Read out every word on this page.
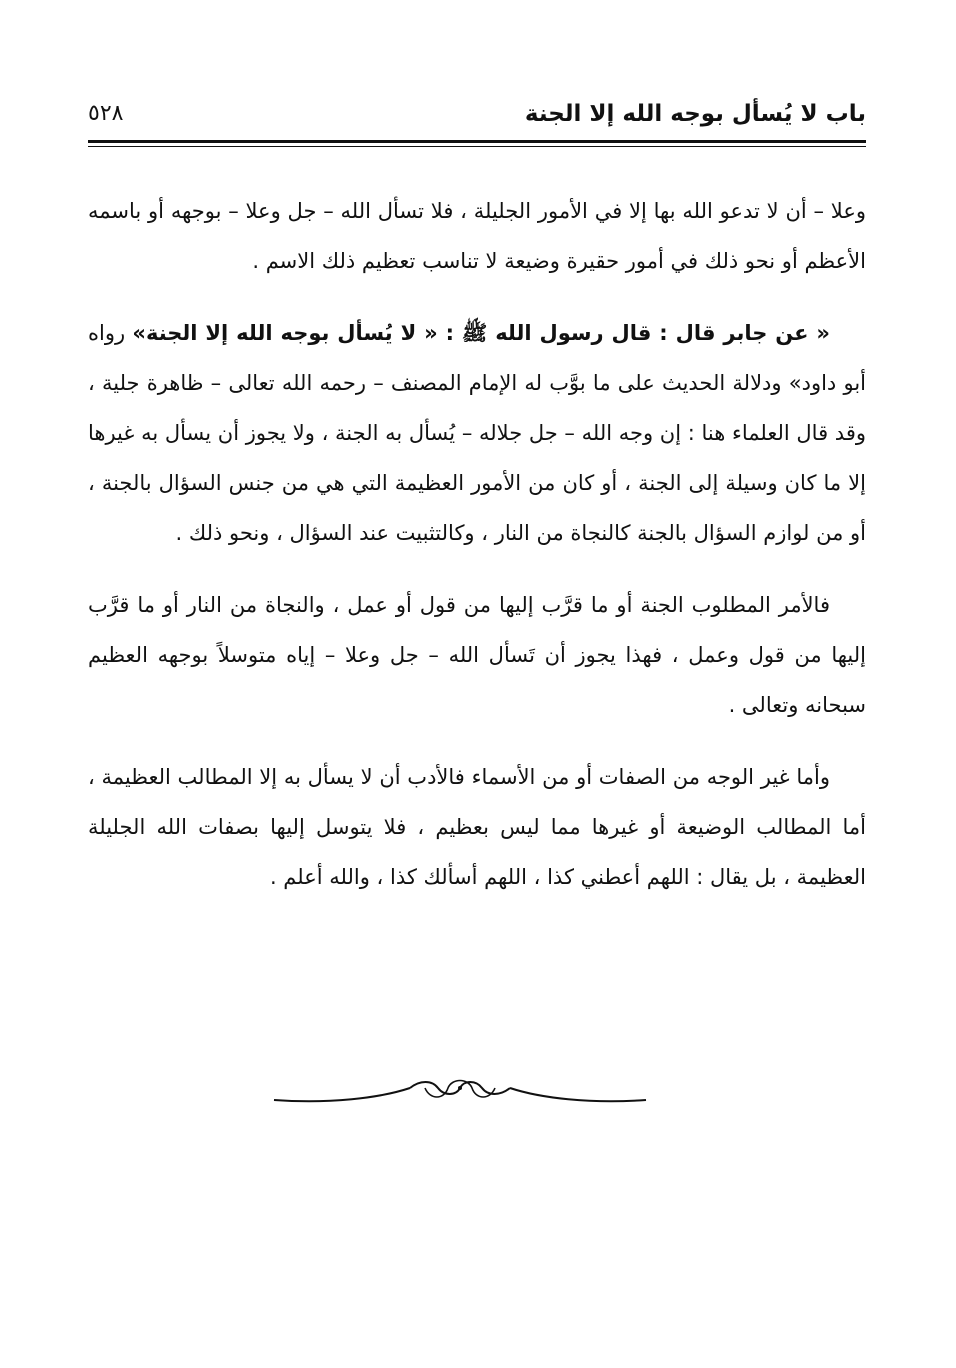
باب لا يُسأل بوجه الله إلا الجنة
٥٢٨

وعلا – أن لا تدعو الله بها إلا في الأمور الجليلة ، فلا تسأل الله – جل وعلا – بوجهه أو باسمه الأعظم أو نحو ذلك في أمور حقيرة وضيعة لا تناسب تعظيم ذلك الاسم .

« عن جابر قال : قال رسول الله ﷺ : « لا يُسأل بوجه الله إلا الجنة» رواه أبو داود» ودلالة الحديث على ما بوَّب له الإمام المصنف – رحمه الله تعالى – ظاهرة جلية ، وقد قال العلماء هنا : إن وجه الله – جل جلاله – يُسأل به الجنة ، ولا يجوز أن يسأل به غيرها إلا ما كان وسيلة إلى الجنة ، أو كان من الأمور العظيمة التي هي من جنس السؤال بالجنة ، أو من لوازم السؤال بالجنة كالنجاة من النار ، وكالتثبيت عند السؤال ، ونحو ذلك .

فالأمر المطلوب الجنة أو ما قرَّب إليها من قول أو عمل ، والنجاة من النار أو ما قرَّب إليها من قول وعمل ، فهذا يجوز أن تَسأل الله – جل وعلا – إياه متوسلاً بوجهه العظيم سبحانه وتعالى .

وأما غير الوجه من الصفات أو من الأسماء فالأدب أن لا يسأل به إلا المطالب العظيمة ، أما المطالب الوضيعة أو غيرها مما ليس بعظيم ، فلا يتوسل إليها بصفات الله الجليلة العظيمة ، بل يقال : اللهم أعطني كذا ، اللهم أسألك كذا ، والله أعلم .
